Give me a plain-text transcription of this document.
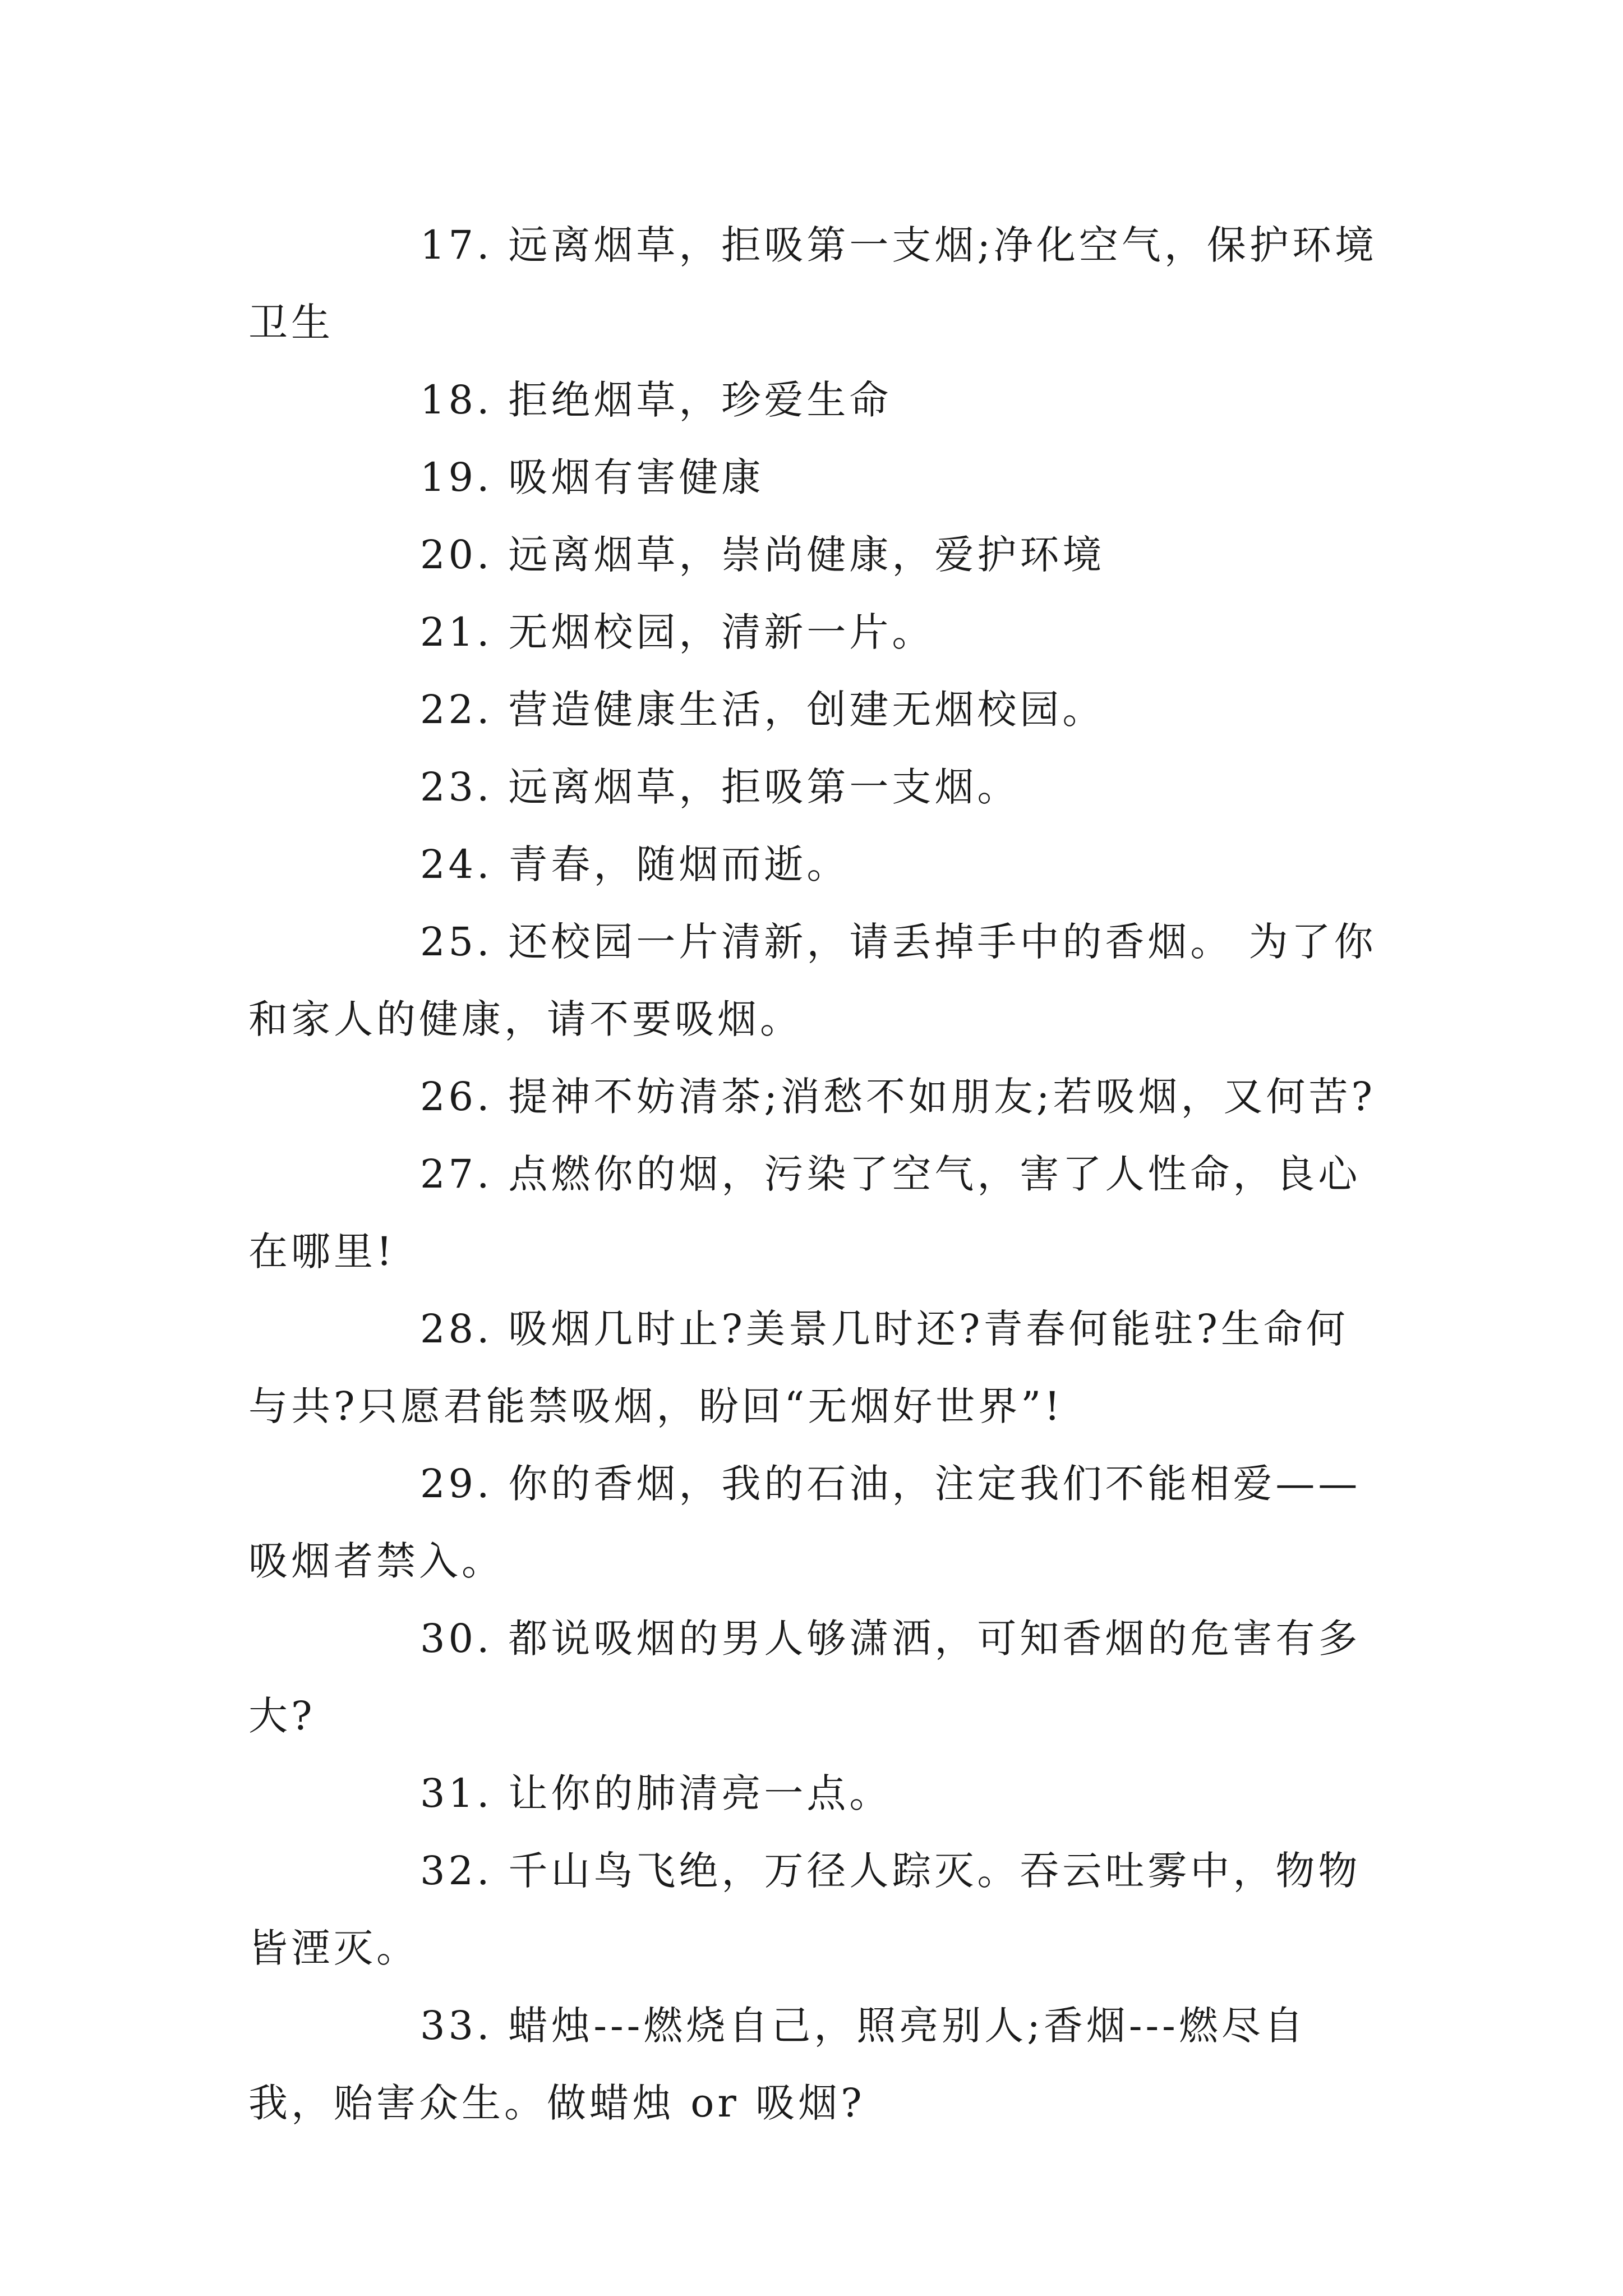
17. 远离烟草，拒吸第一支烟;净化空气，保护环境卫生

18. 拒绝烟草，珍爱生命

19. 吸烟有害健康

20. 远离烟草，崇尚健康，爱护环境

21. 无烟校园，清新一片。

22. 营造健康生活，创建无烟校园。

23. 远离烟草，拒吸第一支烟。

24. 青春，随烟而逝。

25. 还校园一片清新，请丢掉手中的香烟。 为了你和家人的健康，请不要吸烟。

26. 提神不妨清茶;消愁不如朋友;若吸烟，又何苦?

27. 点燃你的烟，污染了空气，害了人性命，良心在哪里!

28. 吸烟几时止?美景几时还?青春何能驻?生命何与共?只愿君能禁吸烟，盼回“无烟好世界”!

29. 你的香烟，我的石油，注定我们不能相爱——吸烟者禁入。

30. 都说吸烟的男人够潇洒，可知香烟的危害有多大?

31. 让你的肺清亮一点。

32. 千山鸟飞绝，万径人踪灭。吞云吐雾中，物物皆湮灭。

33. 蜡烛---燃烧自己，照亮别人;香烟---燃尽自我，贻害众生。做蜡烛 or 吸烟?
